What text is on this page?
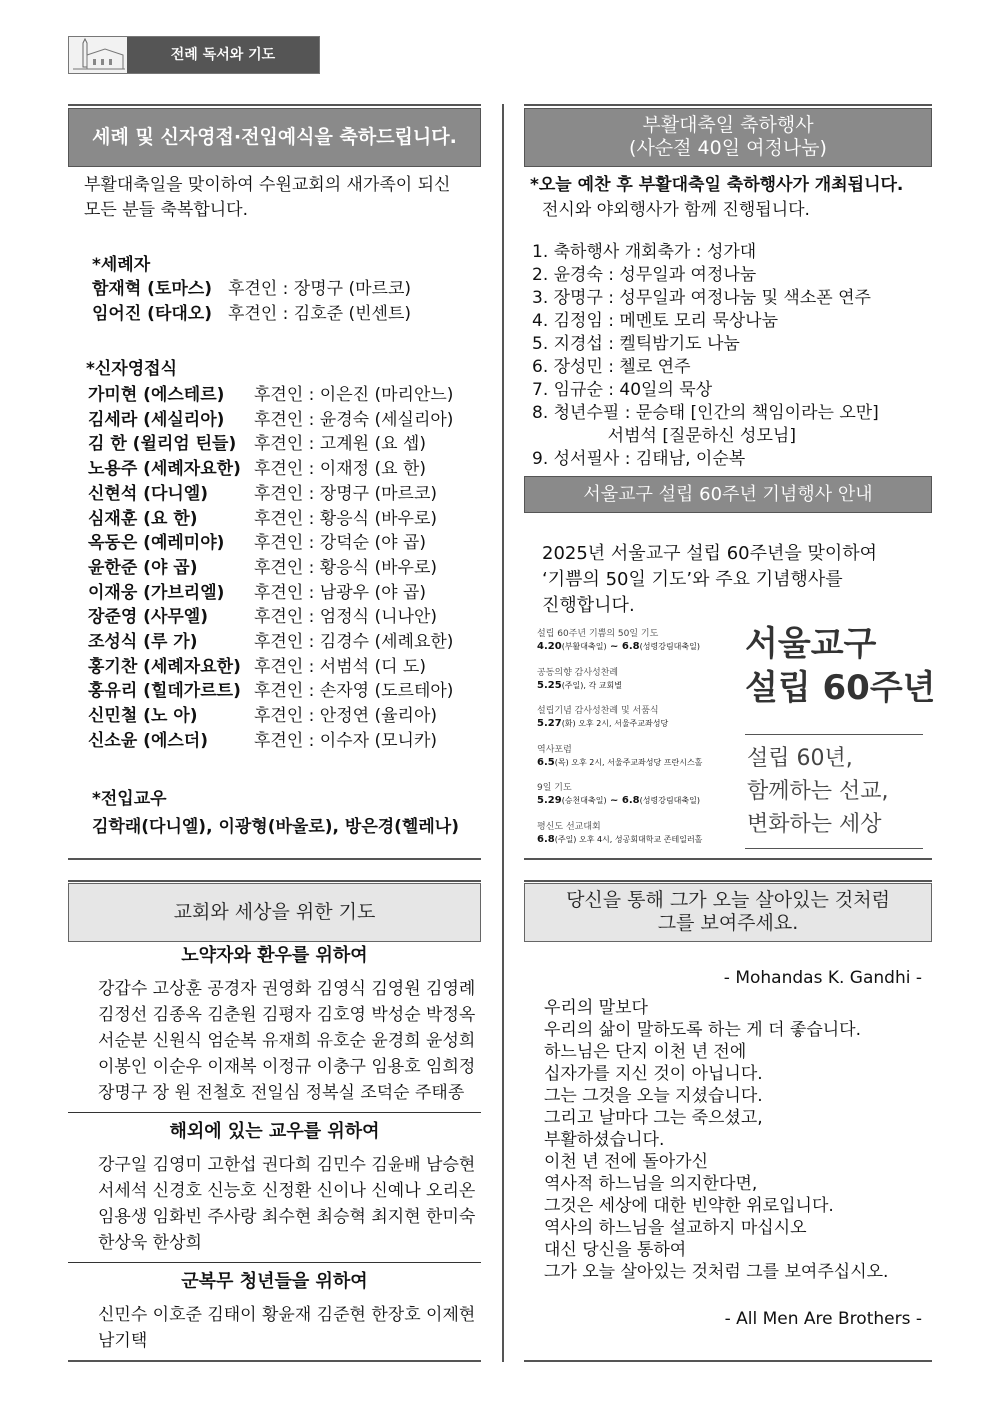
전례 독서와 기도
세례 및 신자영접·전입예식을 축하드립니다.
부활대축일을 맞이하여 수원교회의 새가족이 되신
모든 분들 축복합니다.
*세례자
함재혁 (토마스) 후견인 : 장명구 (마르코)
임어진 (타대오) 후견인 : 김호준 (빈센트)
*신자영접식
가미현 (에스테르) 후견인 : 이은진 (마리안느)
김세라 (세실리아) 후견인 : 윤경숙 (세실리아)
김 한 (윌리엄 틴들) 후견인 : 고계원 (요 셉)
노용주 (세례자요한) 후견인 : 이재정 (요 한)
신현석 (다니엘)	후견인 : 장명구 (마르코)
심재훈 (요 한)	후견인 : 황응식 (바우로)
옥동은 (예레미야) 후견인 : 강덕순 (야 곱)
윤한준 (야 곱)	후견인 : 황응식 (바우로)
이재웅 (가브리엘) 후견인 : 남광우 (야 곱)
장준영 (사무엘)	후견인 : 엄정식 (니나안)
조성식 (루 가)	후견인 : 김경수 (세례요한)
홍기찬 (세례자요한) 후견인 : 서범석 (디 도)
홍유리 (힐데가르트) 후견인 : 손자영 (도르테아)
신민철 (노 아)	후견인 : 안정연 (율리아)
신소윤 (에스더)	후견인 : 이수자 (모니카)
*전입교우
김학래(다니엘), 이광형(바울로), 방은경(헬레나)
부활대축일 축하행사
(사순절 40일 여정나눔)
*오늘 예찬 후 부활대축일 축하행사가 개최됩니다.
전시와 야외행사가 함께 진행됩니다.
1. 축하행사 개회축가 : 성가대
2. 윤경숙 : 성무일과 여정나눔
3. 장명구 : 성무일과 여정나눔 및 색소폰 연주
4. 김정임 : 메멘토 모리 묵상나눔
5. 지경섭 : 켈틱밤기도 나눔
6. 장성민 : 첼로 연주
7. 임규순 : 40일의 묵상
8. 청년수필 : 문승태 [인간의 책임이라는 오만]
서범석 [질문하신 성모님]
9. 성서필사 : 김태남, 이순복
서울교구 설립 60주년 기념행사 안내
2025년 서울교구 설립 60주년을 맞이하여
‘기쁨의 50일 기도’와 주요 기념행사를
진행합니다.
설립 60주년 기쁨의 50일 기도
4.20(부활대축일) ~ 6.8(성령강림대축일)
공동의향 감사성찬례
5.25(주일), 각 교회별
설립기념 감사성찬례 및 서품식
5.27(화) 오후 2시, 서울주교좌성당
역사포럼
6.5(목) 오후 2시, 서울주교좌성당 프란시스홀
9일 기도
5.29(승천대축일) ~ 6.8(성령강림대축일)
평신도 선교대회
6.8(주일) 오후 4시, 성공회대학교 존테일러홀
서울교구
설립 60주년
설립 60년,
함께하는 선교,
변화하는 세상
교회와 세상을 위한 기도
노약자와 환우를 위하여
강갑수 고상훈 공경자 권영화 김영식 김영원 김영례
김정선 김종옥 김춘원 김평자 김호영 박성순 박정옥
서순분 신원식 엄순복 유재희 유호순 윤경희 윤성희
이봉인 이순우 이재복 이정규 이충구 임용호 임희정
장명구 장 원 전철호 전일심 정복실 조덕순 주태종
해외에 있는 교우를 위하여
강구일 김영미 고한섭 권다희 김민수 김윤배 남승현
서세석 신경호 신능호 신정환 신이나 신예나 오리온
임용생 임화빈 주사랑 최수현 최승혁 최지현 한미숙
한상욱 한상희
군복무 청년들을 위하여
신민수 이호준 김태이 황윤재 김준현 한장호 이제현
남기택
당신을 통해 그가 오늘 살아있는 것처럼
그를 보여주세요.
- Mohandas K. Gandhi -
우리의 말보다
우리의 삶이 말하도록 하는 게 더 좋습니다.
하느님은 단지 이천 년 전에
십자가를 지신 것이 아닙니다.
그는 그것을 오늘 지셨습니다.
그리고 날마다 그는 죽으셨고,
부활하셨습니다.
이천 년 전에 돌아가신
역사적 하느님을 의지한다면,
그것은 세상에 대한 빈약한 위로입니다.
역사의 하느님을 설교하지 마십시오
대신 당신을 통하여
그가 오늘 살아있는 것처럼 그를 보여주십시오.
- All Men Are Brothers -
